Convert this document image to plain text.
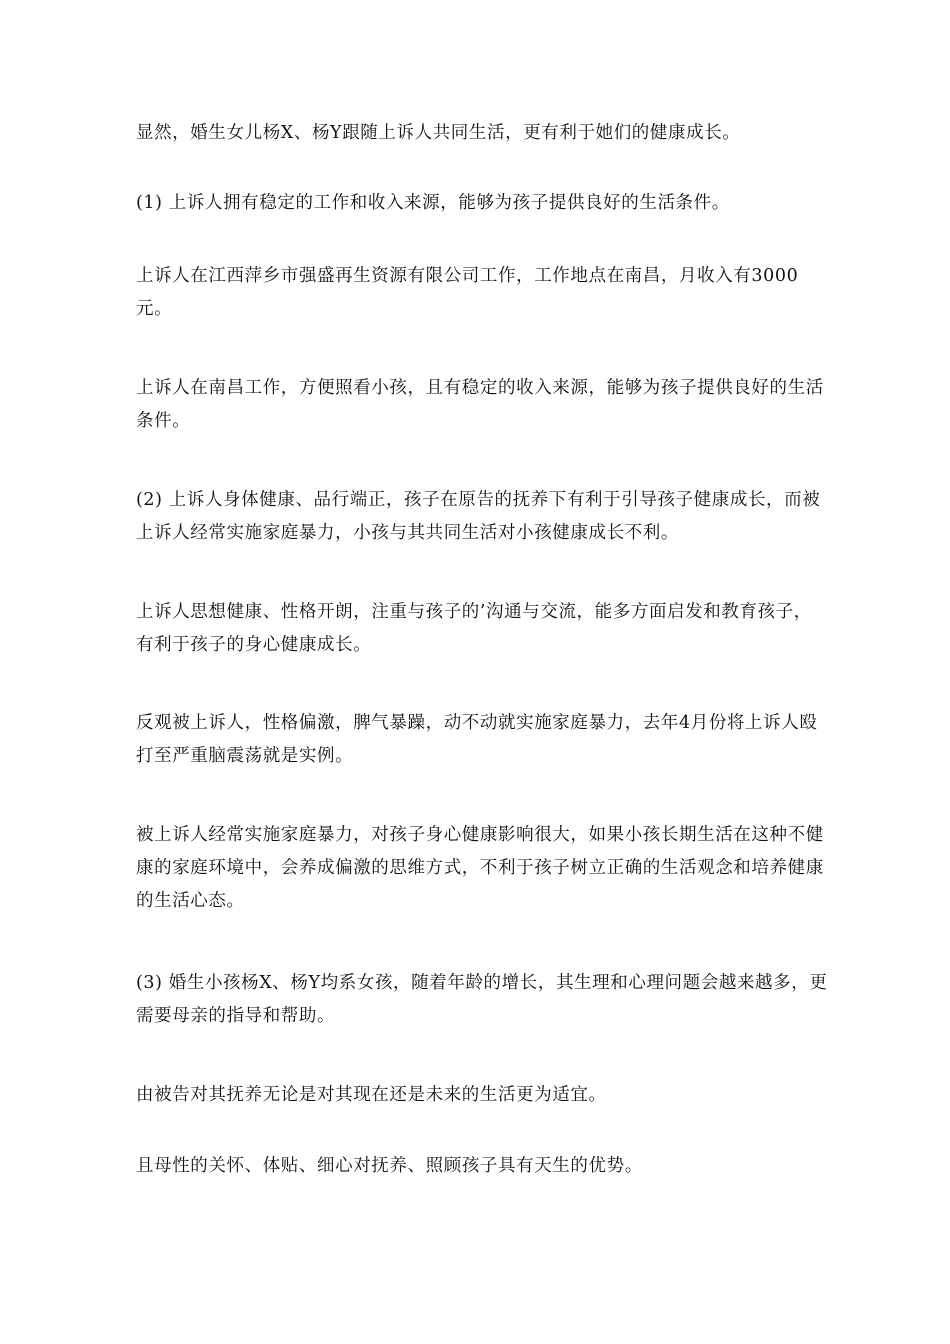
显然，婚生女儿杨X、杨Y跟随上诉人共同生活，更有利于她们的健康成长。

(1) 上诉人拥有稳定的工作和收入来源，能够为孩子提供良好的生活条件。

上诉人在江西萍乡市强盛再生资源有限公司工作，工作地点在南昌，月收入有3000元。

上诉人在南昌工作，方便照看小孩，且有稳定的收入来源，能够为孩子提供良好的生活条件。

(2) 上诉人身体健康、品行端正，孩子在原告的抚养下有利于引导孩子健康成长，而被上诉人经常实施家庭暴力，小孩与其共同生活对小孩健康成长不利。

上诉人思想健康、性格开朗，注重与孩子的’沟通与交流，能多方面启发和教育孩子，有利于孩子的身心健康成长。

反观被上诉人，性格偏激，脾气暴躁，动不动就实施家庭暴力，去年4月份将上诉人殴打至严重脑震荡就是实例。

被上诉人经常实施家庭暴力，对孩子身心健康影响很大，如果小孩长期生活在这种不健康的家庭环境中，会养成偏激的思维方式，不利于孩子树立正确的生活观念和培养健康的生活心态。

(3) 婚生小孩杨X、杨Y均系女孩，随着年龄的增长，其生理和心理问题会越来越多，更需要母亲的指导和帮助。

由被告对其抚养无论是对其现在还是未来的生活更为适宜。

且母性的关怀、体贴、细心对抚养、照顾孩子具有天生的优势。
